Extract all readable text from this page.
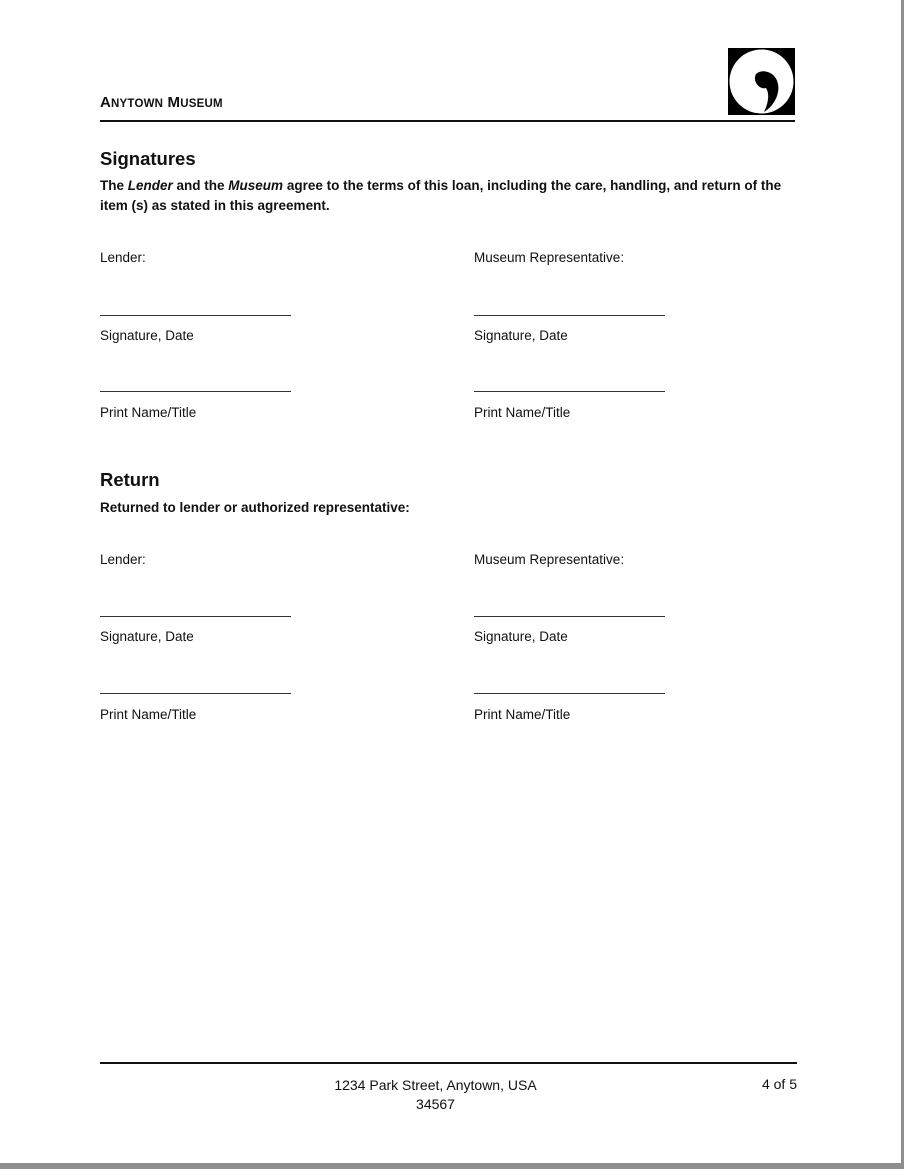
ANYTOWN MUSEUM
Signatures
The Lender and the Museum agree to the terms of this loan, including the care, handling, and return of the item (s) as stated in this agreement.
Lender:	Museum Representative:
Signature, Date	Signature, Date
Print Name/Title	Print Name/Title
Return
Returned to lender or authorized representative:
Lender:	Museum Representative:
Signature, Date	Signature, Date
Print Name/Title	Print Name/Title
1234 Park Street, Anytown, USA
34567
4 of 5
